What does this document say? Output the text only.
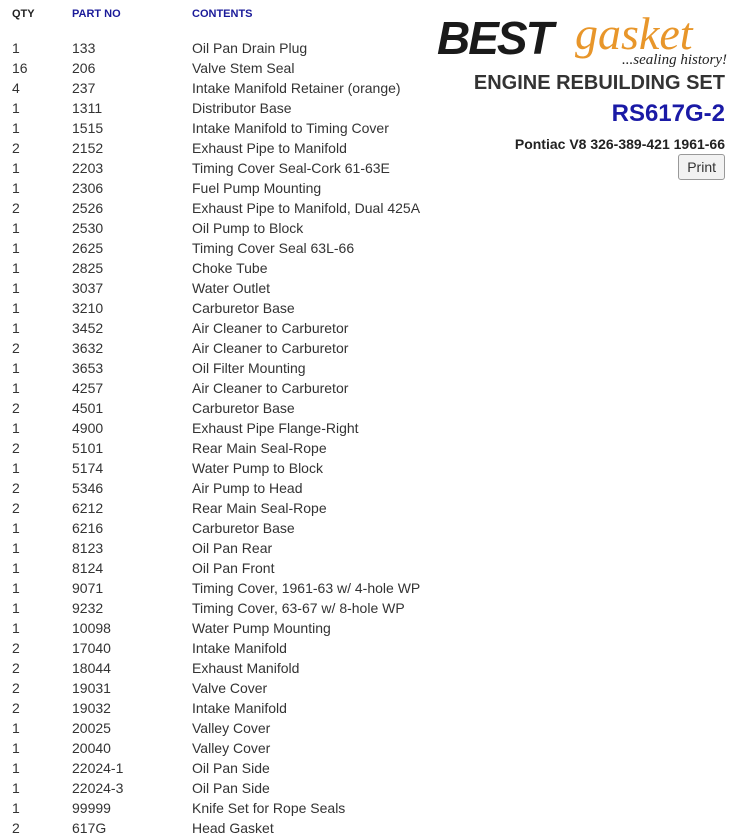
QTY	PART NO	CONTENTS
1	133	Oil Pan Drain Plug
16	206	Valve Stem Seal
4	237	Intake Manifold Retainer (orange)
1	1311	Distributor Base
1	1515	Intake Manifold to Timing Cover
2	2152	Exhaust Pipe to Manifold
1	2203	Timing Cover Seal-Cork 61-63E
1	2306	Fuel Pump Mounting
2	2526	Exhaust Pipe to Manifold, Dual 425A
1	2530	Oil Pump to Block
1	2625	Timing Cover Seal 63L-66
1	2825	Choke Tube
1	3037	Water Outlet
1	3210	Carburetor Base
1	3452	Air Cleaner to Carburetor
2	3632	Air Cleaner to Carburetor
1	3653	Oil Filter Mounting
1	4257	Air Cleaner to Carburetor
2	4501	Carburetor Base
1	4900	Exhaust Pipe Flange-Right
2	5101	Rear Main Seal-Rope
1	5174	Water Pump to Block
2	5346	Air Pump to Head
2	6212	Rear Main Seal-Rope
1	6216	Carburetor Base
1	8123	Oil Pan Rear
1	8124	Oil Pan Front
1	9071	Timing Cover, 1961-63 w/ 4-hole WP
1	9232	Timing Cover, 63-67 w/ 8-hole WP
1	10098	Water Pump Mounting
2	17040	Intake Manifold
2	18044	Exhaust Manifold
2	19031	Valve Cover
2	19032	Intake Manifold
1	20025	Valley Cover
1	20040	Valley Cover
1	22024-1	Oil Pan Side
1	22024-3	Oil Pan Side
1	99999	Knife Set for Rope Seals
2	617G	Head Gasket
BEST gasket
...sealing history!
ENGINE REBUILDING SET
RS617G-2
Pontiac V8 326-389-421 1961-66
Print
